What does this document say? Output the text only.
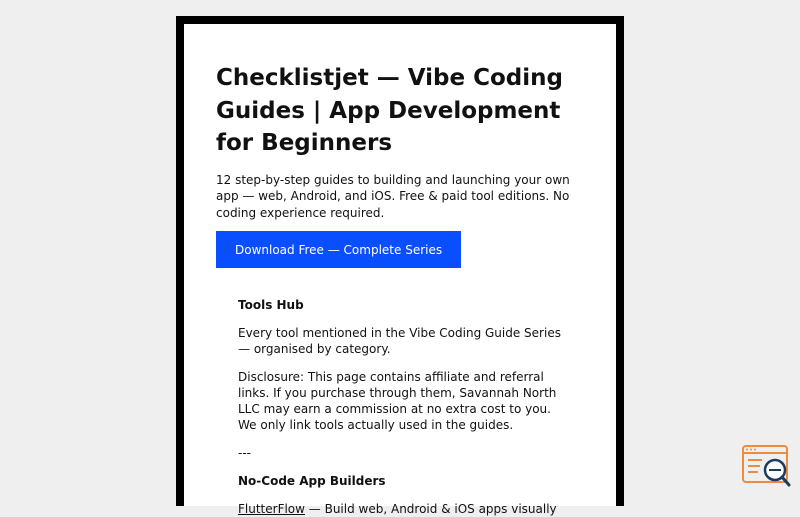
Checklistjet — Vibe Coding Guides | App Development for Beginners

12 step-by-step guides to building and launching your own app — web, Android, and iOS. Free & paid tool editions. No coding experience required.

Download Free — Complete Series

Tools Hub

Every tool mentioned in the Vibe Coding Guide Series — organised by category.

Disclosure: This page contains affiliate and referral links. If you purchase through them, Savannah North LLC may earn a commission at no extra cost to you. We only link tools actually used in the guides.

---

No-Code App Builders

FlutterFlow — Build web, Android & iOS apps visually
